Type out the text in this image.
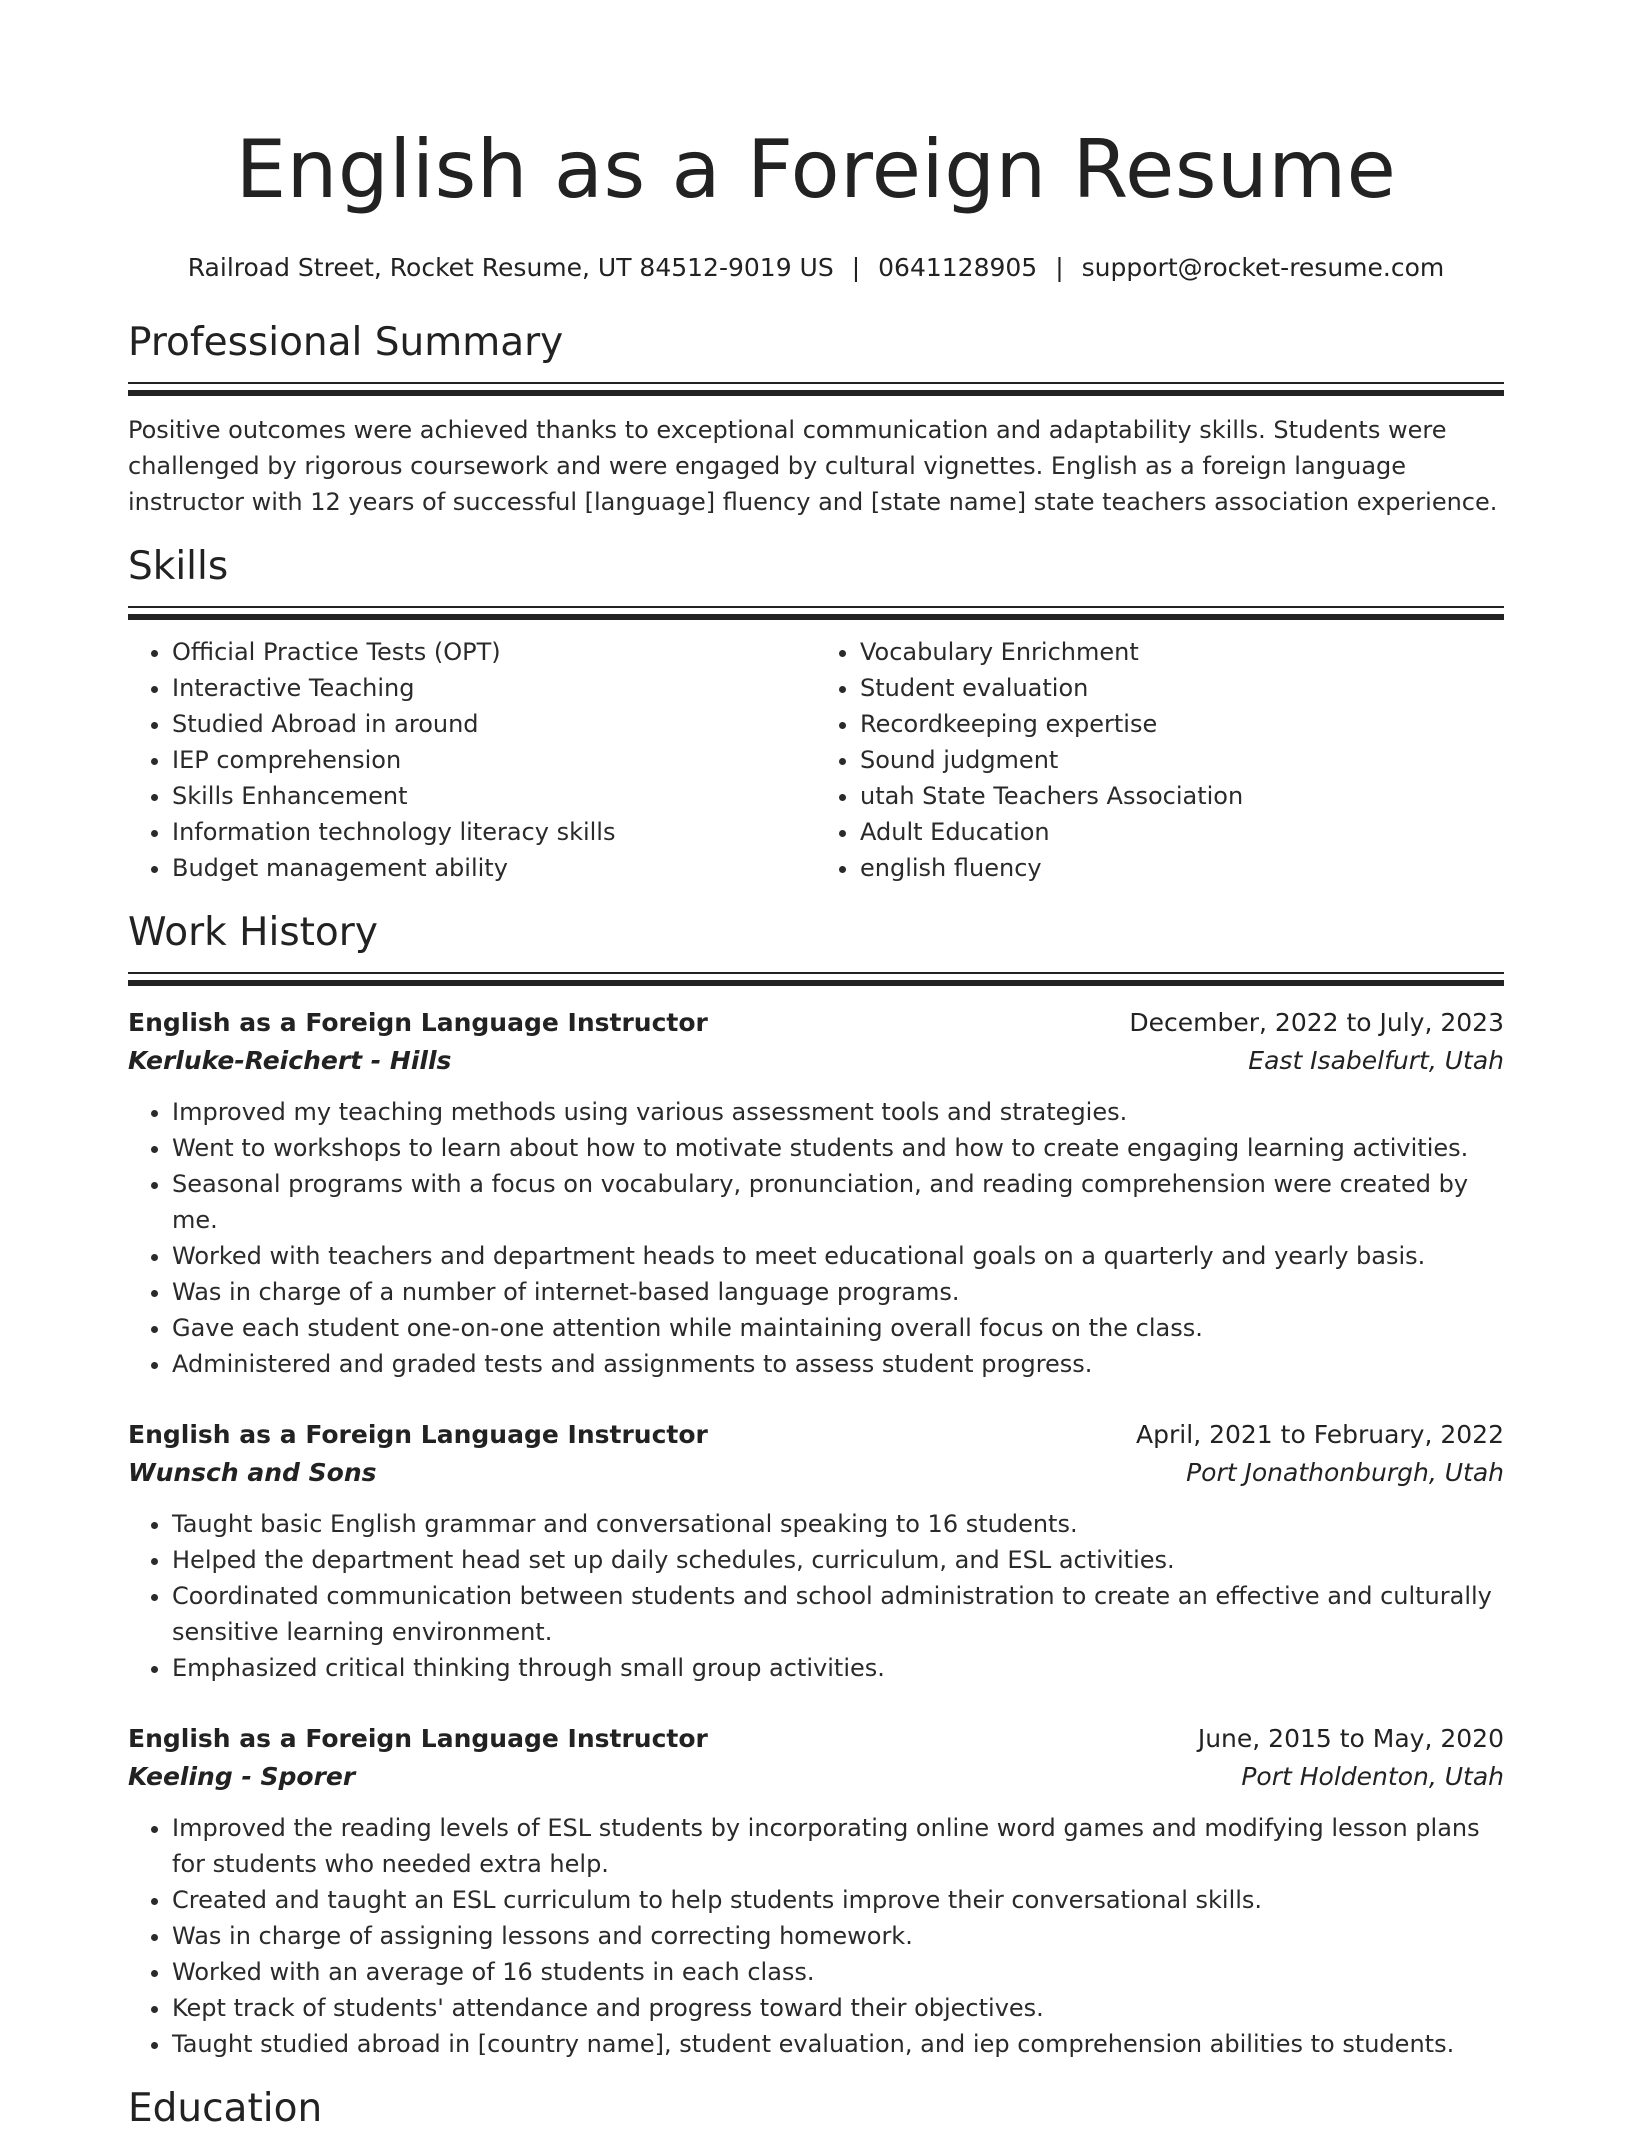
English as a Foreign Resume
Railroad Street, Rocket Resume, UT 84512-9019 US | 0641128905 | support@rocket-resume.com
Professional Summary

Positive outcomes were achieved thanks to exceptional communication and adaptability skills. Students were challenged by rigorous coursework and were engaged by cultural vignettes. English as a foreign language instructor with 12 years of successful [language] fluency and [state name] state teachers association experience.

Skills
• Official Practice Tests (OPT)
• Interactive Teaching
• Studied Abroad in around
• IEP comprehension
• Skills Enhancement
• Information technology literacy skills
• Budget management ability
• Vocabulary Enrichment
• Student evaluation
• Recordkeeping expertise
• Sound judgment
• utah State Teachers Association
• Adult Education
• english fluency
Work History
English as a Foreign Language Instructor	December, 2022 to July, 2023
Kerluke-Reichert - Hills	East Isabelfurt, Utah
• Improved my teaching methods using various assessment tools and strategies.
• Went to workshops to learn about how to motivate students and how to create engaging learning activities.
• Seasonal programs with a focus on vocabulary, pronunciation, and reading comprehension were created by me.
• Worked with teachers and department heads to meet educational goals on a quarterly and yearly basis.
• Was in charge of a number of internet-based language programs.
• Gave each student one-on-one attention while maintaining overall focus on the class.
• Administered and graded tests and assignments to assess student progress.
English as a Foreign Language Instructor	April, 2021 to February, 2022
Wunsch and Sons	Port Jonathonburgh, Utah
• Taught basic English grammar and conversational speaking to 16 students.
• Helped the department head set up daily schedules, curriculum, and ESL activities.
• Coordinated communication between students and school administration to create an effective and culturally sensitive learning environment.
• Emphasized critical thinking through small group activities.
English as a Foreign Language Instructor	June, 2015 to May, 2020
Keeling - Sporer	Port Holdenton, Utah
• Improved the reading levels of ESL students by incorporating online word games and modifying lesson plans for students who needed extra help.
• Created and taught an ESL curriculum to help students improve their conversational skills.
• Was in charge of assigning lessons and correcting homework.
• Worked with an average of 16 students in each class.
• Kept track of students' attendance and progress toward their objectives.
• Taught studied abroad in [country name], student evaluation, and iep comprehension abilities to students.
Education
